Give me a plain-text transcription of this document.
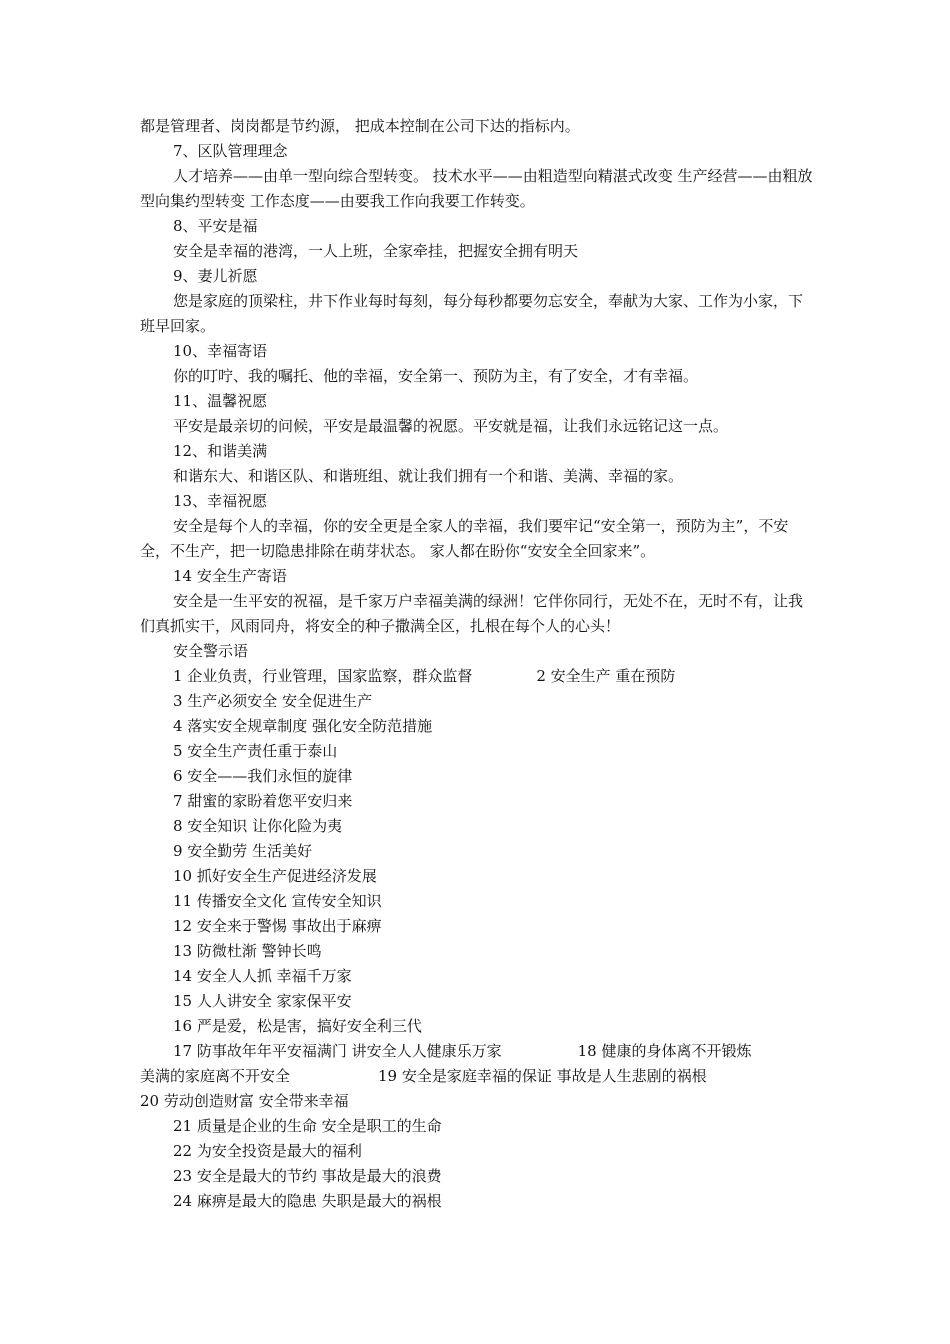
都是管理者、岗岗都是节约源， 把成本控制在公司下达的指标内。
7、区队管理理念
人才培养——由单一型向综合型转变。 技术水平——由粗造型向精湛式改变 生产经营——由粗放型向集约型转变 工作态度——由要我工作向我要工作转变。
8、平安是福
安全是幸福的港湾，一人上班，全家牵挂，把握安全拥有明天
9、妻儿祈愿
您是家庭的顶梁柱，井下作业每时每刻，每分每秒都要勿忘安全，奉献为大家、工作为小家，下班早回家。
10、幸福寄语
你的叮咛、我的嘱托、他的幸福，安全第一、预防为主，有了安全，才有幸福。
11、温馨祝愿
平安是最亲切的问候，平安是最温馨的祝愿。平安就是福，让我们永远铭记这一点。
12、和谐美满
和谐东大、和谐区队、和谐班组、就让我们拥有一个和谐、美满、幸福的家。
13、幸福祝愿
安全是每个人的幸福，你的安全更是全家人的幸福，我们要牢记“安全第一，预防为主”，不安全，不生产，把一切隐患排除在萌芽状态。 家人都在盼你“安安全全回家来”。
14 安全生产寄语
安全是一生平安的祝福，是千家万户幸福美满的绿洲！它伴你同行，无处不在，无时不有，让我们真抓实干，风雨同舟，将安全的种子撒满全区，扎根在每个人的心头！
安全警示语
1 企业负责，行业管理，国家监察，群众监督	2 安全生产 重在预防
3 生产必须安全 安全促进生产
4 落实安全规章制度 强化安全防范措施
5 安全生产责任重于泰山
6 安全——我们永恒的旋律
7 甜蜜的家盼着您平安归来
8 安全知识 让你化险为夷
9 安全勤劳 生活美好
10 抓好安全生产促进经济发展
11 传播安全文化 宣传安全知识
12 安全来于警惕 事故出于麻痹
13 防微杜渐 警钟长鸣
14 安全人人抓 幸福千万家
15 人人讲安全 家家保平安
16 严是爱，松是害，搞好安全利三代
17 防事故年年平安福满门 讲安全人人健康乐万家	18 健康的身体离不开锻炼
美满的家庭离不开安全	19 安全是家庭幸福的保证 事故是人生悲剧的祸根
20 劳动创造财富 安全带来幸福
21 质量是企业的生命 安全是职工的生命
22 为安全投资是最大的福利
23 安全是最大的节约 事故是最大的浪费
24 麻痹是最大的隐患 失职是最大的祸根
